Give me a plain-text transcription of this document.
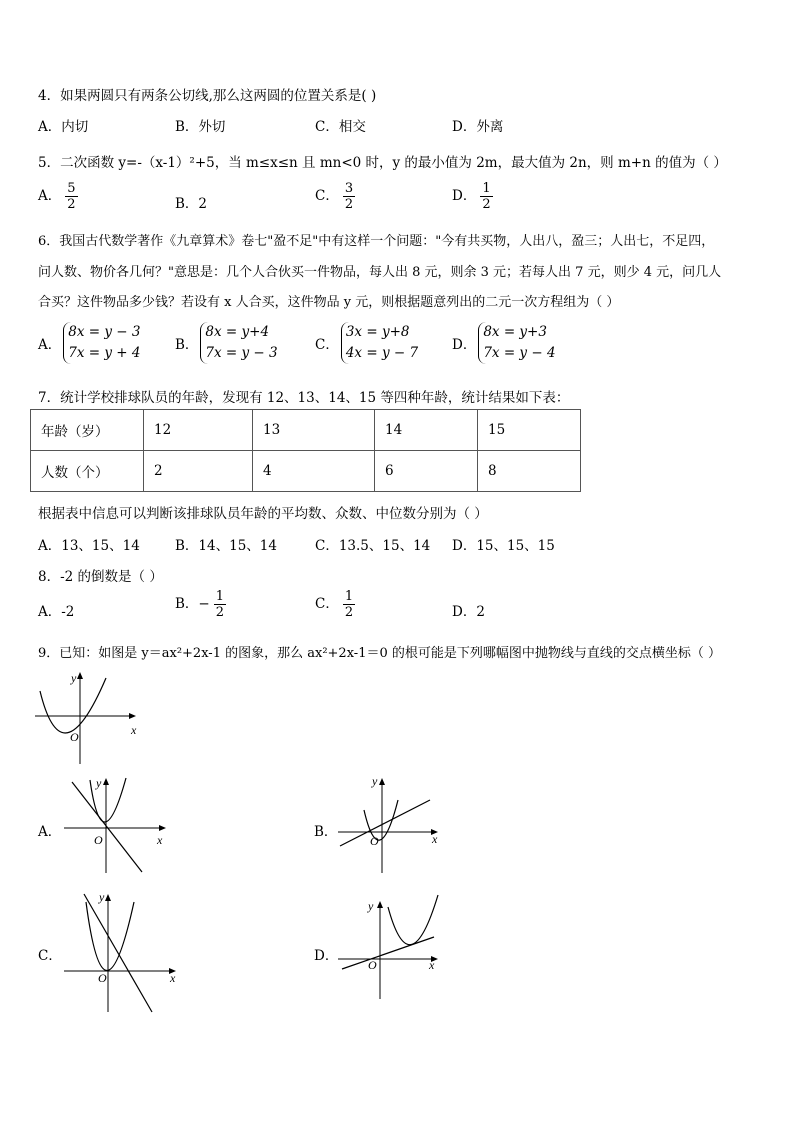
4．如果两圆只有两条公切线,那么这两圆的位置关系是( )
A．内切	B．外切	C．相交	D．外离
5．二次函数 y=-（x-1）²+5，当 m≤x≤n 且 mn<0 时，y 的最小值为 2m，最大值为 2n，则 m+n 的值为（ ）
A． $\frac{5}{2}$	B．2	C． $\frac{3}{2}$	D． $\frac{1}{2}$
6．我国古代数学著作《九章算术》卷七"盈不足"中有这样一个问题："今有共买物，人出八，盈三；人出七，不足四，
问人数、物价各几何？"意思是：几个人合伙买一件物品，每人出 8 元，则余 3 元；若每人出 7 元，则少 4 元，问几人
合买？这件物品多少钱？若设有 x 人合买，这件物品 y 元，则根据题意列出的二元一次方程组为（ ）
A．8x = y − 3
7x = y + 4	B．8x = y+4
7x = y − 3	C．3x = y+8
4x = y − 7	D．8x = y+3
7x = y − 4
7．统计学校排球队员的年龄，发现有 12、13、14、15 等四种年龄，统计结果如下表：
年龄（岁）	12	13	14	15
人数（个）	2	4	6	8
根据表中信息可以判断该排球队员年龄的平均数、众数、中位数分别为（ ）
A．13、15、14	B．14、15、14	C．13.5、15、14 D．15、15、15
8．-2 的倒数是（ ）
A．-2	B．− $\frac{1}{2}$	C． $\frac{1}{2}$	D．2
9．已知：如图是 y＝ax²+2x-1 的图象，那么 ax²+2x-1＝0 的根可能是下列哪幅图中抛物线与直线的交点横坐标（ ）
y
x
O
A．
y
x
O	B．
y
x
O
C．
y
x
O
D．
y
x
O
